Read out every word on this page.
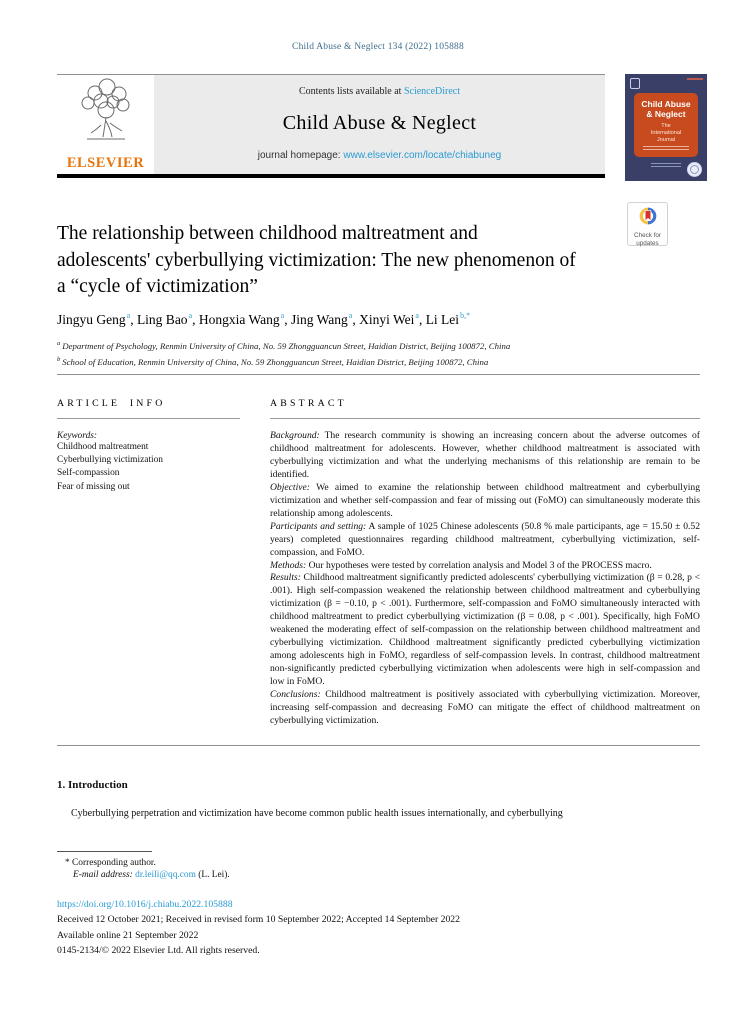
Child Abuse & Neglect 134 (2022) 105888
ELSEVIER
Contents lists available at ScienceDirect
Child Abuse & Neglect
journal homepage: www.elsevier.com/locate/chiabuneg
Child Abuse
& Neglect
The
International
Journal
The relationship between childhood maltreatment and
adolescents' cyberbullying victimization: The new phenomenon of
a “cycle of victimization”
Check for
updates
Jingyu Geng$^a$, Ling Bao$^a$, Hongxia Wang$^a$, Jing Wang$^a$, Xinyi Wei$^a$, Li Lei$^{b,*}$
$^a$ Department of Psychology, Renmin University of China, No. 59 Zhongguancun Street, Haidian District, Beijing 100872, China
$^b$ School of Education, Renmin University of China, No. 59 Zhongguancun Street, Haidian District, Beijing 100872, China
ARTICLE INFO
Keywords:
Childhood maltreatment
Cyberbullying victimization
Self-compassion
Fear of missing out
ABSTRACT

Background: The research community is showing an increasing concern about the adverse outcomes of childhood maltreatment for adolescents. However, whether childhood maltreatment is associated with cyberbullying victimization and what the underlying mechanisms of this relationship are remain to be identified.

Objective: We aimed to examine the relationship between childhood maltreatment and cyberbullying victimization and whether self-compassion and fear of missing out (FoMO) can simultaneously moderate this relationship among adolescents.

Participants and setting: A sample of 1025 Chinese adolescents (50.8 % male participants, age = 15.50 ± 0.52 years) completed questionnaires regarding childhood maltreatment, cyberbullying victimization, self-compassion, and FoMO.

Methods: Our hypotheses were tested by correlation analysis and Model 3 of the PROCESS macro.

Results: Childhood maltreatment significantly predicted adolescents' cyberbullying victimization (β = 0.28, p < .001). High self-compassion weakened the relationship between childhood maltreatment and cyberbullying victimization (β = −0.10, p < .001). Furthermore, self-compassion and FoMO simultaneously interacted with childhood maltreatment to predict cyberbullying victimization (β = 0.08, p < .001). Specifically, high FoMO weakened the moderating effect of self-compassion on the relationship between childhood maltreatment and cyberbullying victimization. Childhood maltreatment significantly predicted cyberbullying victimization among adolescents high in FoMO, regardless of self-compassion levels. In contrast, childhood maltreatment non-significantly predicted cyberbullying victimization when adolescents were high in self-compassion and low in FoMO.

Conclusions: Childhood maltreatment is positively associated with cyberbullying victimization. Moreover, increasing self-compassion and decreasing FoMO can mitigate the effect of childhood maltreatment on cyberbullying victimization.

1. Introduction
Cyberbullying perpetration and victimization have become common public health issues internationally, and cyberbullying
* Corresponding author.
E-mail address: dr.leili@qq.com (L. Lei).
https://doi.org/10.1016/j.chiabu.2022.105888
Received 12 October 2021; Received in revised form 10 September 2022; Accepted 14 September 2022
Available online 21 September 2022
0145-2134/© 2022 Elsevier Ltd. All rights reserved.
